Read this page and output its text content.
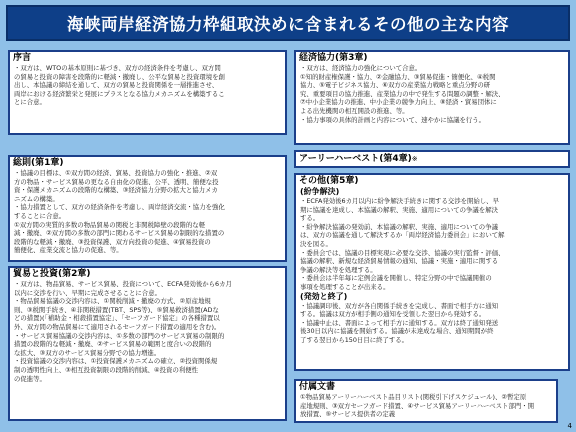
海峡両岸経済協力枠組取決めに含まれるその他の主な内容
序言

・双方は、WTOの基本原則に基づき、双方の経済条件を考慮し、双方間

の貿易と投資の障害を段階的に軽減・撤廃し、公平な貿易と投資環境を創

出し、本協議の締結を通して、双方の貿易と投資関係を一層推進させ、

両岸における経済繁栄と発展にプラスとなる協力メカニズムを構築するこ

とに合意。

総則(第1章)

・協議の目標は、①双方間の経済、貿易、投資協力の強化・推進、②双

方の物品・サービス貿易の更なる自由化の促進、公平、透明、簡便な投

資・保護メカニズムの段階的な構築、③経済協力分野の拡大と協力メカ

ニズムの構築。

・協力措置として、双方の経済条件を考慮し、両岸経済交流・協力を強化

することに合意。

①双方間の実質的多数の物品貿易の関税と非関税障壁の段階的な軽

減・撤廃、②双方間の多数の部門に関わるサービス貿易の制限的な措置の

段階的な軽減・撤廃、③投資保護、双方向投資の促進、④貿易投資の

簡便化、産業交流と協力の促進、等。

貿易と投資(第2章)

・双方は、物品貿易、サービス貿易、投資について、ECFA発効後から6カ月

以内に交渉を行い、早期に完成させることに合意。

・物品貿易協議の交渉内容は、①関税削減・撤廃の方式、②原産地規

則、③税関手続き、④非関税措置(TBT、SPS等)、⑤貿易救済措置(ADな

どの措置)(「補助金・相殺措置協定」、「セーフガード協定」の各種措置以

外、双方間の物品貿易にて適用されるセーフガード措置の適用を含む)。

・サービス貿易協議の交渉内容は、①多数の部門のサービス貿易の制限的

措置の段階的な軽減・撤廃、②サービス貿易の範囲と度合いの段階的

な拡大、③双方のサービス貿易分野での協力増進。

・投資協議の交渉内容は、①投資保護メカニズムの確立、②投資関係規

制の透明性向上、③相互投資制限の段階的削減、④投資の利便性

の促進等。

経済協力(第3章)

・双方は、経済協力の強化について合意。

①知的財産権保護・協力、②金融協力、③貿易促進・簡便化、④税関

協力、⑤電子ビジネス協力、⑥双方の産業協力戦略と重点分野の研

究、重要項目の協力推進、産業協力の中で発生する問題の調整・解決、

⑦中小企業協力の推進、中小企業の競争力向上、⑧経済・貿易団体に

よる出先機関の相互開設の推進、等。

・協力事項の具体的計画と内容について、速やかに協議を行う。

アーリーハーベスト(第4章)※
その他(第5章)
(紛争解決)

・ECFA発効後6カ月以内に紛争解決手続きに関する交渉を開始し、早

期に協議を達成し、本協議の解釈、実施、適用についての争議を解決

する。

・紛争解決協議の発効前、本協議の解釈、実施、適用についての争議

は、双方の協議を通して解決するか「両岸経済協力委員会」において解

決を図る。

・委員会では、協議の目標実現に必要な交渉、協議の実行監督・評価、

協議の解釈、新規な経済貿易情報の通知、協議・実施・適用に関する

争議の解決等を処理する。

・委員会は半年毎に定例会議を開催し、特定分野の中で協議開催の

事項を処理することが出来る。

(発効と終了)

・協議調印後、双方が各自関係手続きを完成し、書面で相手方に通知

する。協議は双方が相手側の通知を受領した翌日から発効する。

・協議中止は、書面によって相手方に通知する。双方は終了通知発送

後30日以内に協議を開始する。協議が未達成な場合、通知期間が終

了する翌日から150日目に終了する。

付属文書

①物品貿易アーリーハーベスト品目リスト(関税引下げスケジュール)、②暫定原

産地規則、③双方セーフガード措置、④サービス貿易アーリーハーベスト部門・開

放措置、⑤サービス提供者の定義

4
